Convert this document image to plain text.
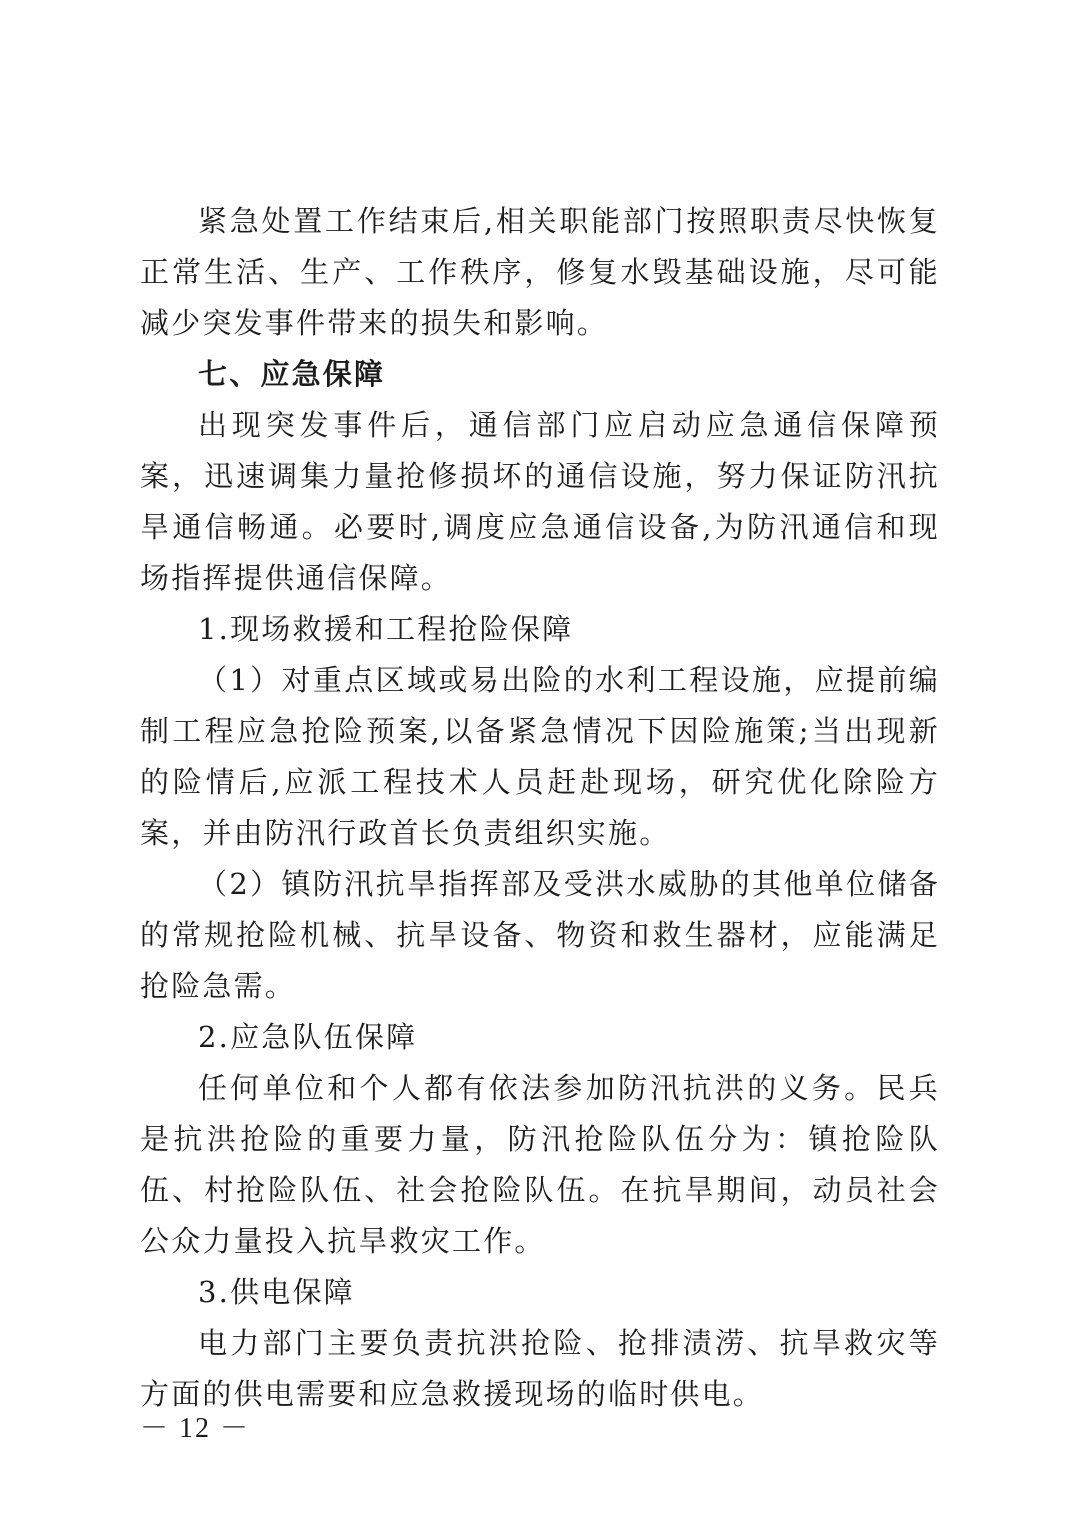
紧急处置工作结束后,相关职能部门按照职责尽快恢复正常生活、生产、工作秩序，修复水毁基础设施，尽可能减少突发事件带来的损失和影响。

七、应急保障

出现突发事件后，通信部门应启动应急通信保障预案，迅速调集力量抢修损坏的通信设施，努力保证防汛抗旱通信畅通。必要时,调度应急通信设备,为防汛通信和现场指挥提供通信保障。

1.现场救援和工程抢险保障

（1）对重点区域或易出险的水利工程设施，应提前编制工程应急抢险预案,以备紧急情况下因险施策;当出现新的险情后,应派工程技术人员赶赴现场，研究优化除险方案，并由防汛行政首长负责组织实施。

（2）镇防汛抗旱指挥部及受洪水威胁的其他单位储备的常规抢险机械、抗旱设备、物资和救生器材，应能满足抢险急需。

2.应急队伍保障

任何单位和个人都有依法参加防汛抗洪的义务。民兵是抗洪抢险的重要力量，防汛抢险队伍分为：镇抢险队伍、村抢险队伍、社会抢险队伍。在抗旱期间，动员社会公众力量投入抗旱救灾工作。

3.供电保障

电力部门主要负责抗洪抢险、抢排渍涝、抗旱救灾等方面的供电需要和应急救援现场的临时供电。

－ 12 －
